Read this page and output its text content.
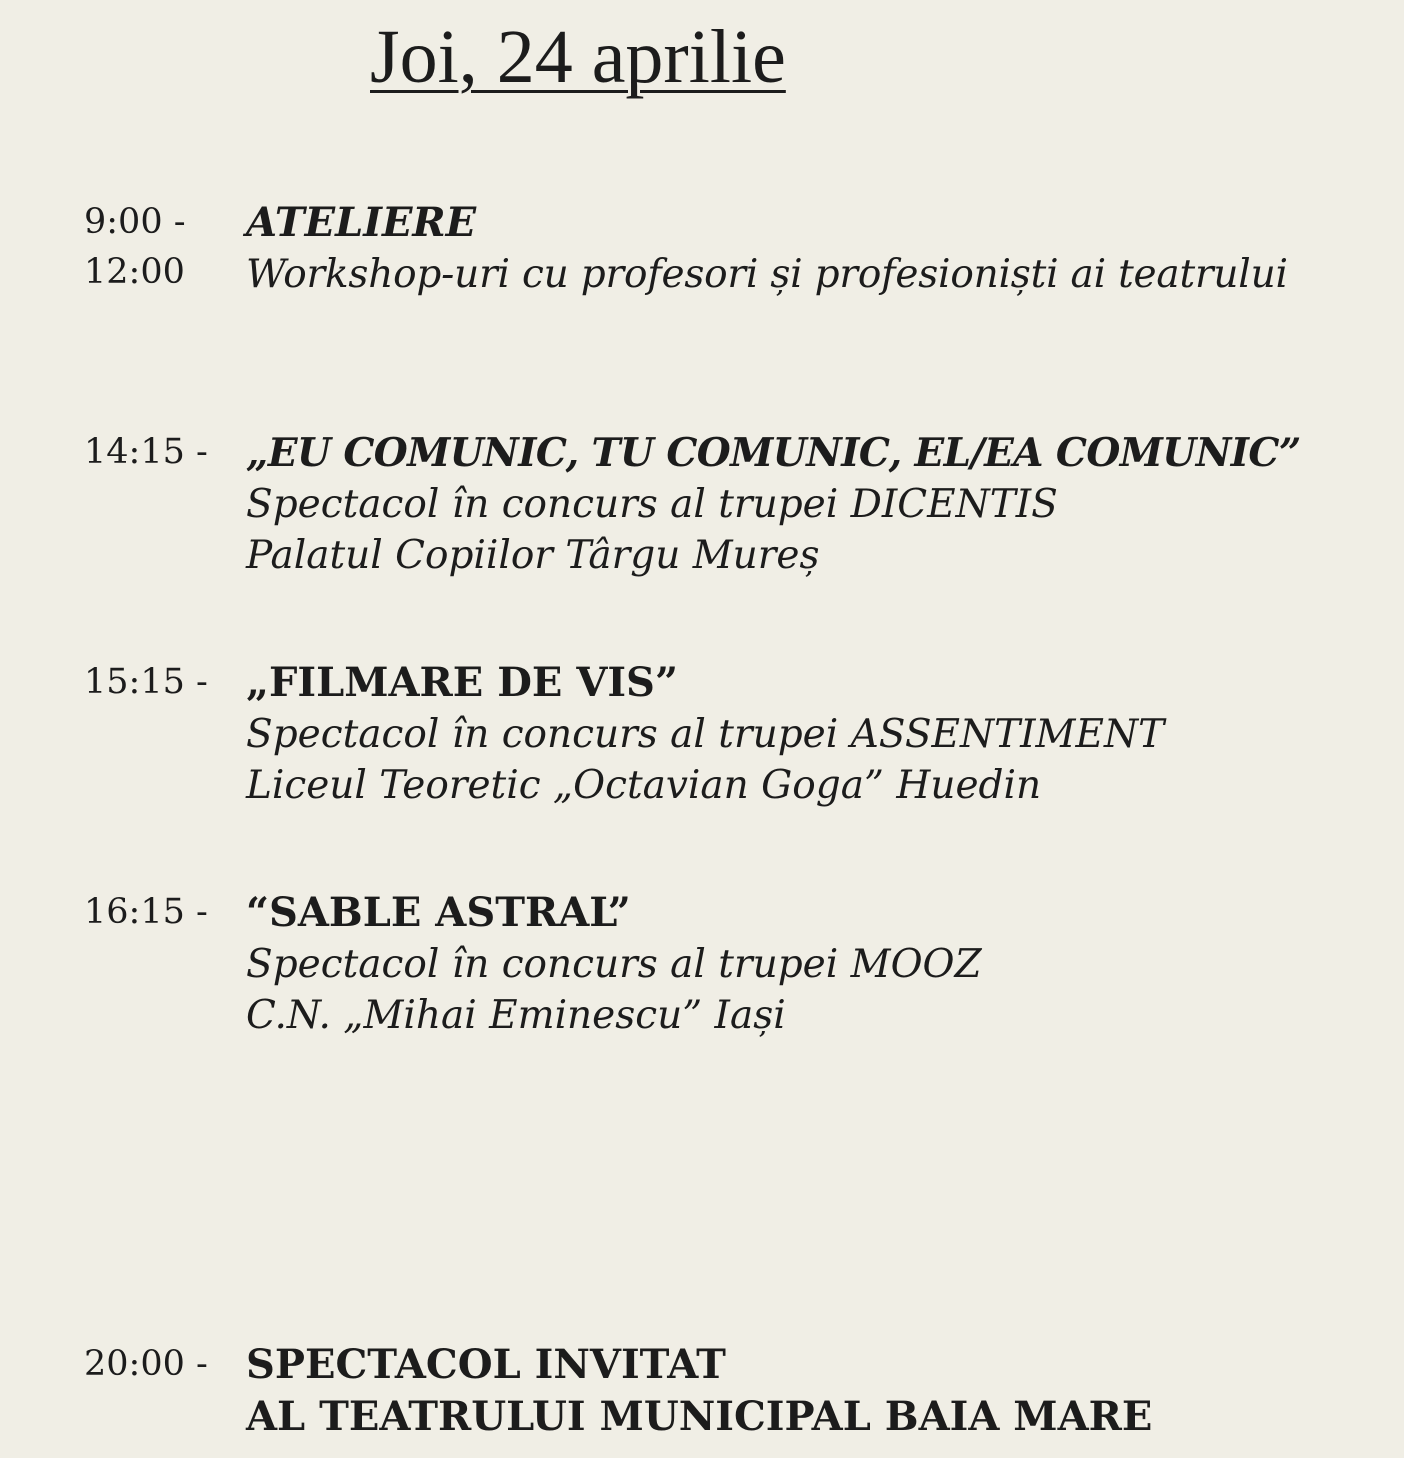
Joi, 24 aprilie
9:00 -
12:00
ATELIERE
Workshop-uri cu profesori și profesioniști ai teatrului
14:15 - „EU COMUNIC, TU COMUNIC, EL/EA COMUNIC”
Spectacol în concurs al trupei DICENTIS
Palatul Copiilor Târgu Mureș
15:15 - „FILMARE DE VIS”
Spectacol în concurs al trupei ASSENTIMENT
Liceul Teoretic „Octavian Goga” Huedin
16:15 - “SABLE ASTRAL”
Spectacol în concurs al trupei MOOZ
C.N. „Mihai Eminescu” Iași
20:00 - SPECTACOL INVITAT
AL TEATRULUI MUNICIPAL BAIA MARE
